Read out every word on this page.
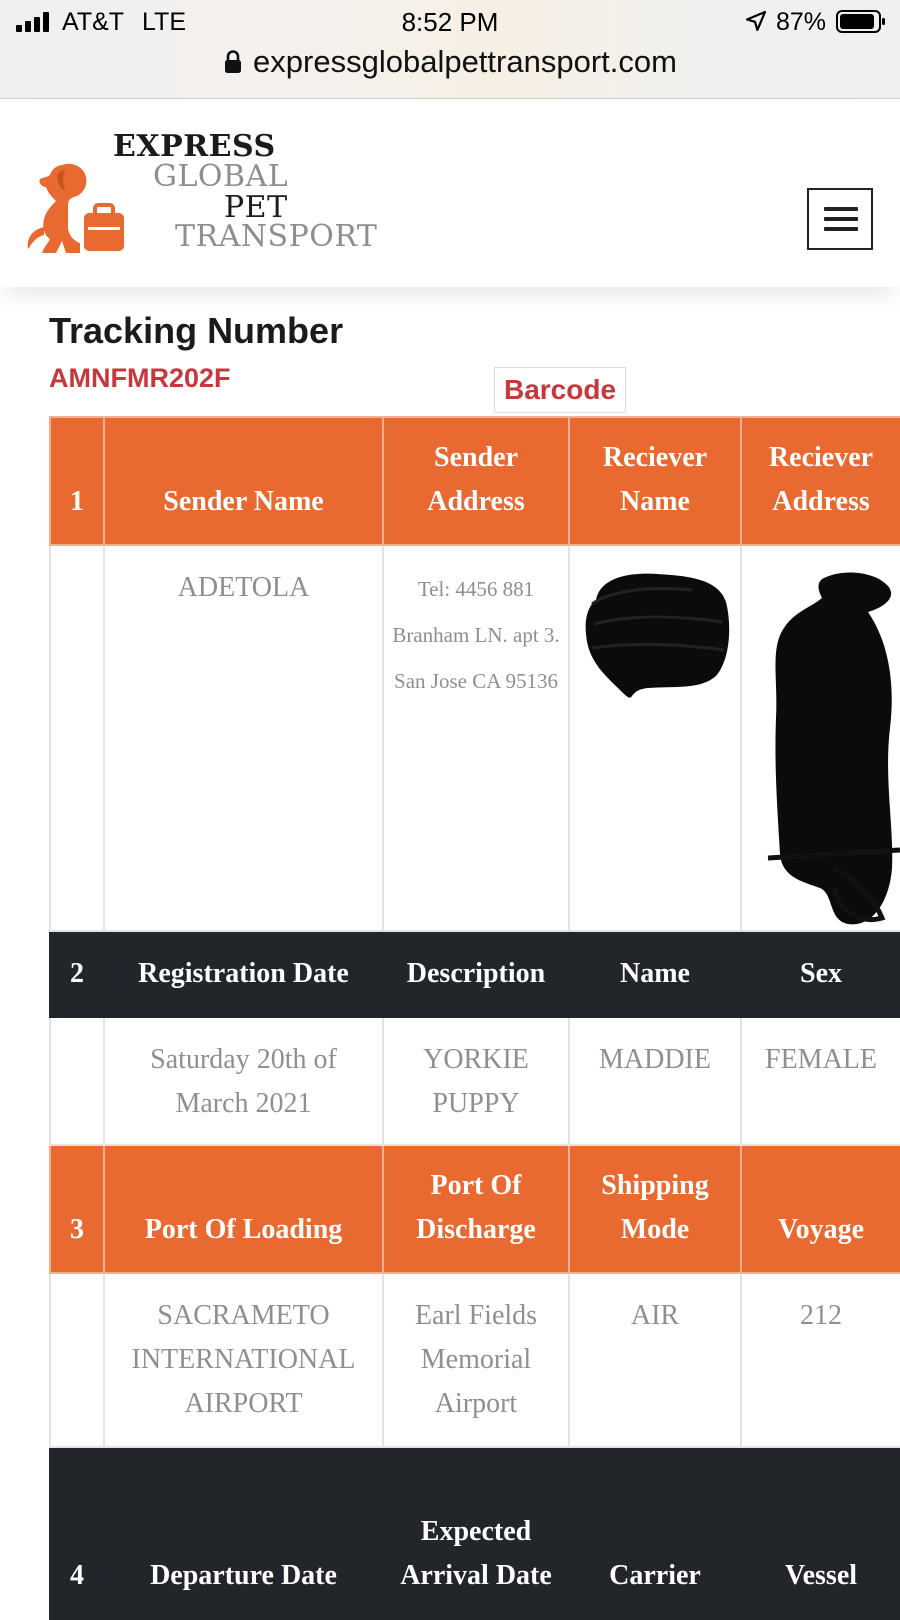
AT&T LTE	8:52 PM	87%
expressglobalpettransport.com
EXPRESS
GLOBAL
PET
TRANSPORT
Tracking Number
AMNFMR202F	Barcode
1	Sender Name	Sender Address	Reciever Name	Reciever Address
	ADETOLA	Tel: 4456 881 Branham LN. apt 3. San Jose CA 95136	

2	Registration Date	Description	Name	Sex
	Saturday 20th of March 2021	YORKIE PUPPY	MADDIE	FEMALE
3	Port Of Loading	Port Of Discharge	Shipping Mode	Voyage
	SACRAMETO INTERNATIONAL AIRPORT	Earl Fields Memorial Airport	AIR	212
4	Departure Date	Expected Arrival Date	Carrier	Vessel
